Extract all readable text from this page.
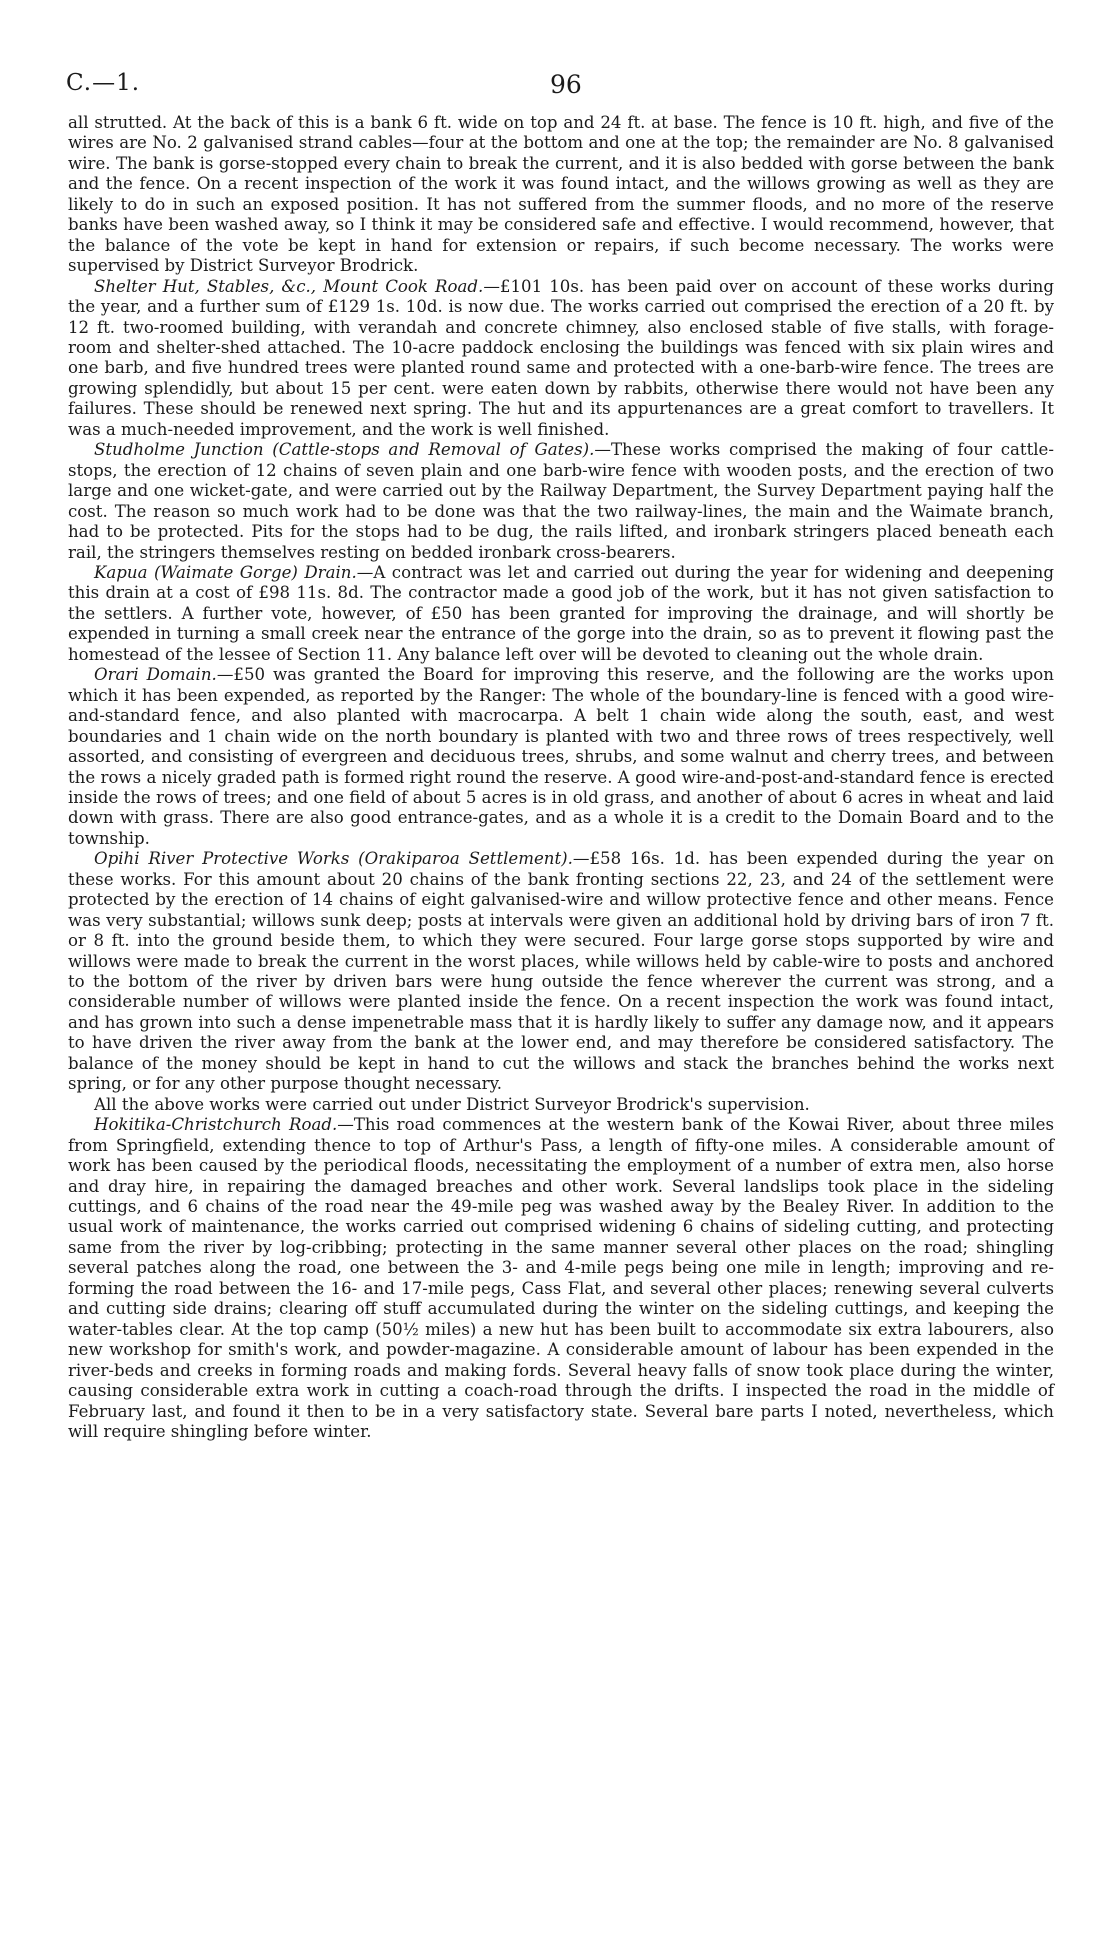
C.—1.	96

all strutted. At the back of this is a bank 6 ft. wide on top and 24 ft. at base. The fence is 10 ft. high, and five of the wires are No. 2 galvanised strand cables—four at the bottom and one at the top; the remainder are No. 8 galvanised wire. The bank is gorse-stopped every chain to break the current, and it is also bedded with gorse between the bank and the fence. On a recent inspection of the work it was found intact, and the willows growing as well as they are likely to do in such an exposed position. It has not suffered from the summer floods, and no more of the reserve banks have been washed away, so I think it may be considered safe and effective. I would recommend, however, that the balance of the vote be kept in hand for extension or repairs, if such become necessary. The works were supervised by District Surveyor Brodrick.

Shelter Hut, Stables, &c., Mount Cook Road.—£101 10s. has been paid over on account of these works during the year, and a further sum of £129 1s. 10d. is now due. The works carried out comprised the erection of a 20 ft. by 12 ft. two-roomed building, with verandah and concrete chimney, also enclosed stable of five stalls, with forage-room and shelter-shed attached. The 10-acre paddock enclosing the buildings was fenced with six plain wires and one barb, and five hundred trees were planted round same and protected with a one-barb-wire fence. The trees are growing splendidly, but about 15 per cent. were eaten down by rabbits, otherwise there would not have been any failures. These should be renewed next spring. The hut and its appurtenances are a great comfort to travellers. It was a much-needed improvement, and the work is well finished.

Studholme Junction (Cattle-stops and Removal of Gates).—These works comprised the making of four cattle-stops, the erection of 12 chains of seven plain and one barb-wire fence with wooden posts, and the erection of two large and one wicket-gate, and were carried out by the Railway Department, the Survey Department paying half the cost. The reason so much work had to be done was that the two railway-lines, the main and the Waimate branch, had to be protected. Pits for the stops had to be dug, the rails lifted, and ironbark stringers placed beneath each rail, the stringers themselves resting on bedded ironbark cross-bearers.

Kapua (Waimate Gorge) Drain.—A contract was let and carried out during the year for widening and deepening this drain at a cost of £98 11s. 8d. The contractor made a good job of the work, but it has not given satisfaction to the settlers. A further vote, however, of £50 has been granted for improving the drainage, and will shortly be expended in turning a small creek near the entrance of the gorge into the drain, so as to prevent it flowing past the homestead of the lessee of Section 11. Any balance left over will be devoted to cleaning out the whole drain.

Orari Domain.—£50 was granted the Board for improving this reserve, and the following are the works upon which it has been expended, as reported by the Ranger: The whole of the boundary-line is fenced with a good wire-and-standard fence, and also planted with macrocarpa. A belt 1 chain wide along the south, east, and west boundaries and 1 chain wide on the north boundary is planted with two and three rows of trees respectively, well assorted, and consisting of evergreen and deciduous trees, shrubs, and some walnut and cherry trees, and between the rows a nicely graded path is formed right round the reserve. A good wire-and-post-and-standard fence is erected inside the rows of trees; and one field of about 5 acres is in old grass, and another of about 6 acres in wheat and laid down with grass. There are also good entrance-gates, and as a whole it is a credit to the Domain Board and to the township.

Opihi River Protective Works (Orakiparoa Settlement).—£58 16s. 1d. has been expended during the year on these works. For this amount about 20 chains of the bank fronting sections 22, 23, and 24 of the settlement were protected by the erection of 14 chains of eight galvanised-wire and willow protective fence and other means. Fence was very substantial; willows sunk deep; posts at intervals were given an additional hold by driving bars of iron 7 ft. or 8 ft. into the ground beside them, to which they were secured. Four large gorse stops supported by wire and willows were made to break the current in the worst places, while willows held by cable-wire to posts and anchored to the bottom of the river by driven bars were hung outside the fence wherever the current was strong, and a considerable number of willows were planted inside the fence. On a recent inspection the work was found intact, and has grown into such a dense impenetrable mass that it is hardly likely to suffer any damage now, and it appears to have driven the river away from the bank at the lower end, and may therefore be considered satisfactory. The balance of the money should be kept in hand to cut the willows and stack the branches behind the works next spring, or for any other purpose thought necessary.

All the above works were carried out under District Surveyor Brodrick's supervision.

Hokitika-Christchurch Road.—This road commences at the western bank of the Kowai River, about three miles from Springfield, extending thence to top of Arthur's Pass, a length of fifty-one miles. A considerable amount of work has been caused by the periodical floods, necessitating the employment of a number of extra men, also horse and dray hire, in repairing the damaged breaches and other work. Several landslips took place in the sideling cuttings, and 6 chains of the road near the 49-mile peg was washed away by the Bealey River. In addition to the usual work of maintenance, the works carried out comprised widening 6 chains of sideling cutting, and protecting same from the river by log-cribbing; protecting in the same manner several other places on the road; shingling several patches along the road, one between the 3- and 4-mile pegs being one mile in length; improving and re-forming the road between the 16- and 17-mile pegs, Cass Flat, and several other places; renewing several culverts and cutting side drains; clearing off stuff accumulated during the winter on the sideling cuttings, and keeping the water-tables clear. At the top camp (50½ miles) a new hut has been built to accommodate six extra labourers, also new workshop for smith's work, and powder-magazine. A considerable amount of labour has been expended in the river-beds and creeks in forming roads and making fords. Several heavy falls of snow took place during the winter, causing considerable extra work in cutting a coach-road through the drifts. I inspected the road in the middle of February last, and found it then to be in a very satisfactory state. Several bare parts I noted, nevertheless, which will require shingling before winter.
